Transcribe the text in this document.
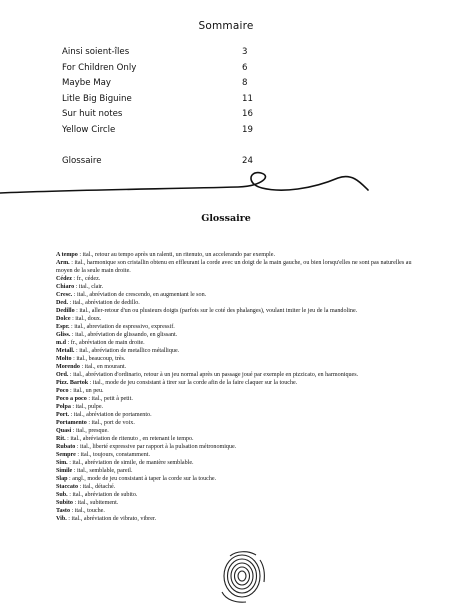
Sommaire
Ainsi soient-îles	3
For Children Only	6
Maybe May	8
Litle Big Biguine	11
Sur huit notes	16
Yellow Circle	19
Glossaire	24
Glossaire

A tempo : ital., retour au tempo après un ralenti, un ritenuto, un accelerando par exemple.

Arm. : ital., harmonique son cristallin obtenu en effleurant la corde avec un doigt de la main gauche, ou bien lorsqu'elles ne sont pas naturelles au moyen de la seule main droite.

Cédez : fr., cédez.

Chiaro : ital., clair.

Cresc. : ital., abréviation de crescendo, en augmentant le son.

Ded. : ital., abréviation de dedillo.

Dedillo : ital., aller-retour d'un ou plusieurs doigts (parfois sur le coté des phalanges), voulant imiter le jeu de la mandoline.

Dolce : ital., doux.

Espr. : ital., abreviation de espressivo, expressif.

Gliss. : ital., abréviation de glissando, en glissant.

m.d : fr., abréviation de main droite.

Metall. : ital., abréviation de metallico métallique.

Molto : ital., beaucoup, très.

Morendo : ital., en mourant.

Ord. : ital., abréviation d'ordinario, retour à un jeu normal après un passage joué par exemple en pizzicato, en harmoniques.

Pizz. Bartok : ital., mode de jeu consistant à tirer sur la corde afin de la faire claquer sur la touche.

Poco : ital., un peu.

Poco a poco : ital., petit à petit.

Polpa : ital., pulpe.

Port. : ital., abréviation de portamento.

Portamento : ital., port de voix.

Quasi : ital., presque.

Rit. : ital., abréviation de ritenuto , en retenant le tempo.

Rubato : ital., liberté expressive par rapport à la pulsation métronomique.

Sempre : ital., toujours, constamment.

Sim. : ital., abréviation de simile, de manière semblable.

Simile : ital., semblable, pareil.

Slap : angl., mode de jeu consistant à taper la corde sur la touche.

Staccato : ital., détaché.

Sub. : ital., abréviation de subito.

Subito : ital., subitement.

Tasto : ital., touche.

Vib. : ital., abréviation de vibrato, vibrer.
